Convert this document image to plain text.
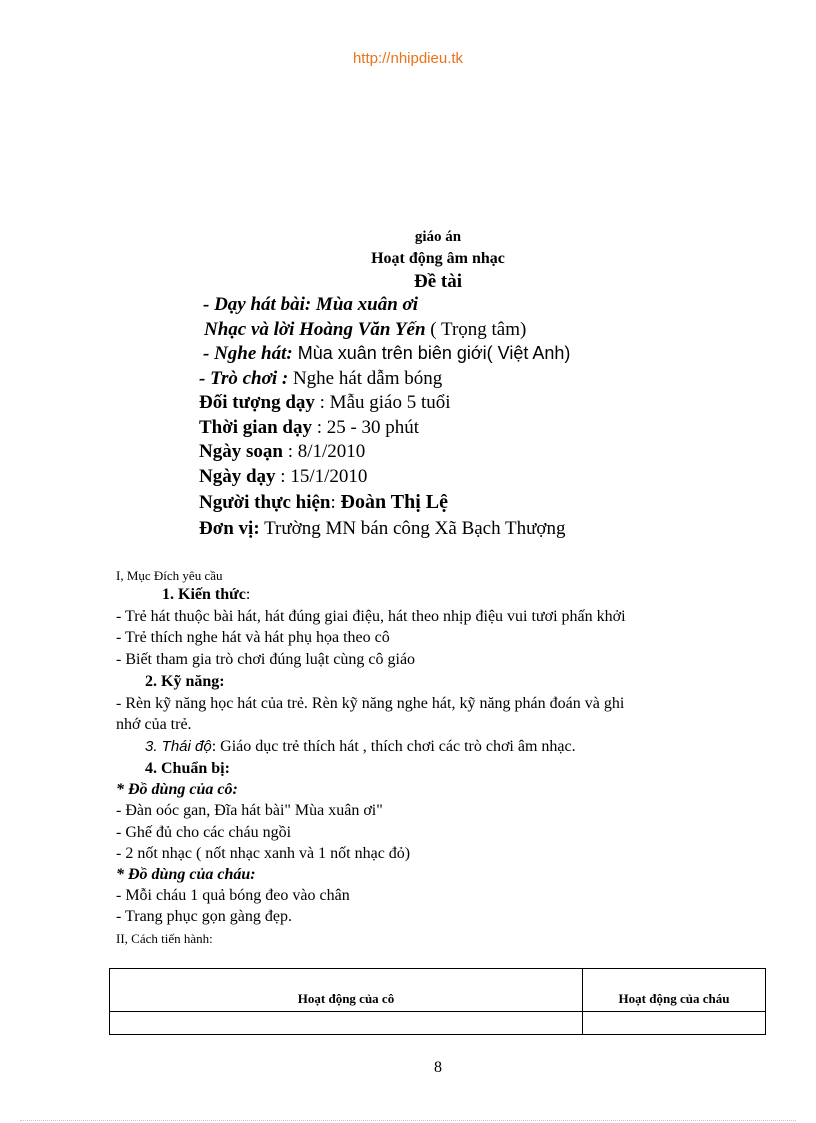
http://nhipdieu.tk
giáo án
Hoạt động âm nhạc
Đề tài
- Dạy hát bài: Mùa xuân ơi
Nhạc và lời Hoàng Văn Yến ( Trọng tâm)
- Nghe hát: Mùa xuân trên biên giới( Việt Anh)
- Trò chơi : Nghe hát dẫm bóng
Đối tượng dạy : Mẫu giáo 5 tuổi
Thời gian dạy : 25 - 30 phút
Ngày soạn : 8/1/2010
Ngày dạy : 15/1/2010
Người thực hiện: Đoàn Thị Lệ
Đơn vị: Trường MN bán công Xã Bạch Thượng
I, Mục Đích yêu cầu
1. Kiến thức:
- Trẻ hát thuộc bài hát, hát đúng giai điệu, hát theo nhịp điệu vui tươi phấn khởi
- Trẻ thích nghe hát và hát phụ họa theo cô
- Biết tham gia trò chơi đúng luật cùng cô giáo
2. Kỹ năng:
- Rèn kỹ năng học hát của trẻ. Rèn kỹ năng nghe hát, kỹ năng phán đoán và ghi
nhớ của trẻ.
3. Thái độ: Giáo dục trẻ thích hát , thích chơi các trò chơi âm nhạc.
4. Chuẩn bị:
* Đồ dùng của cô:
- Đàn oóc gan, Đĩa hát bài" Mùa xuân ơi"
- Ghế đủ cho các cháu ngồi
- 2 nốt nhạc ( nốt nhạc xanh và 1 nốt nhạc đỏ)
* Đồ dùng của cháu:
- Mỗi cháu 1 quả bóng đeo vào chân
- Trang phục gọn gàng đẹp.
II, Cách tiến hành:
Hoạt động của cô	Hoạt động của cháu

8
